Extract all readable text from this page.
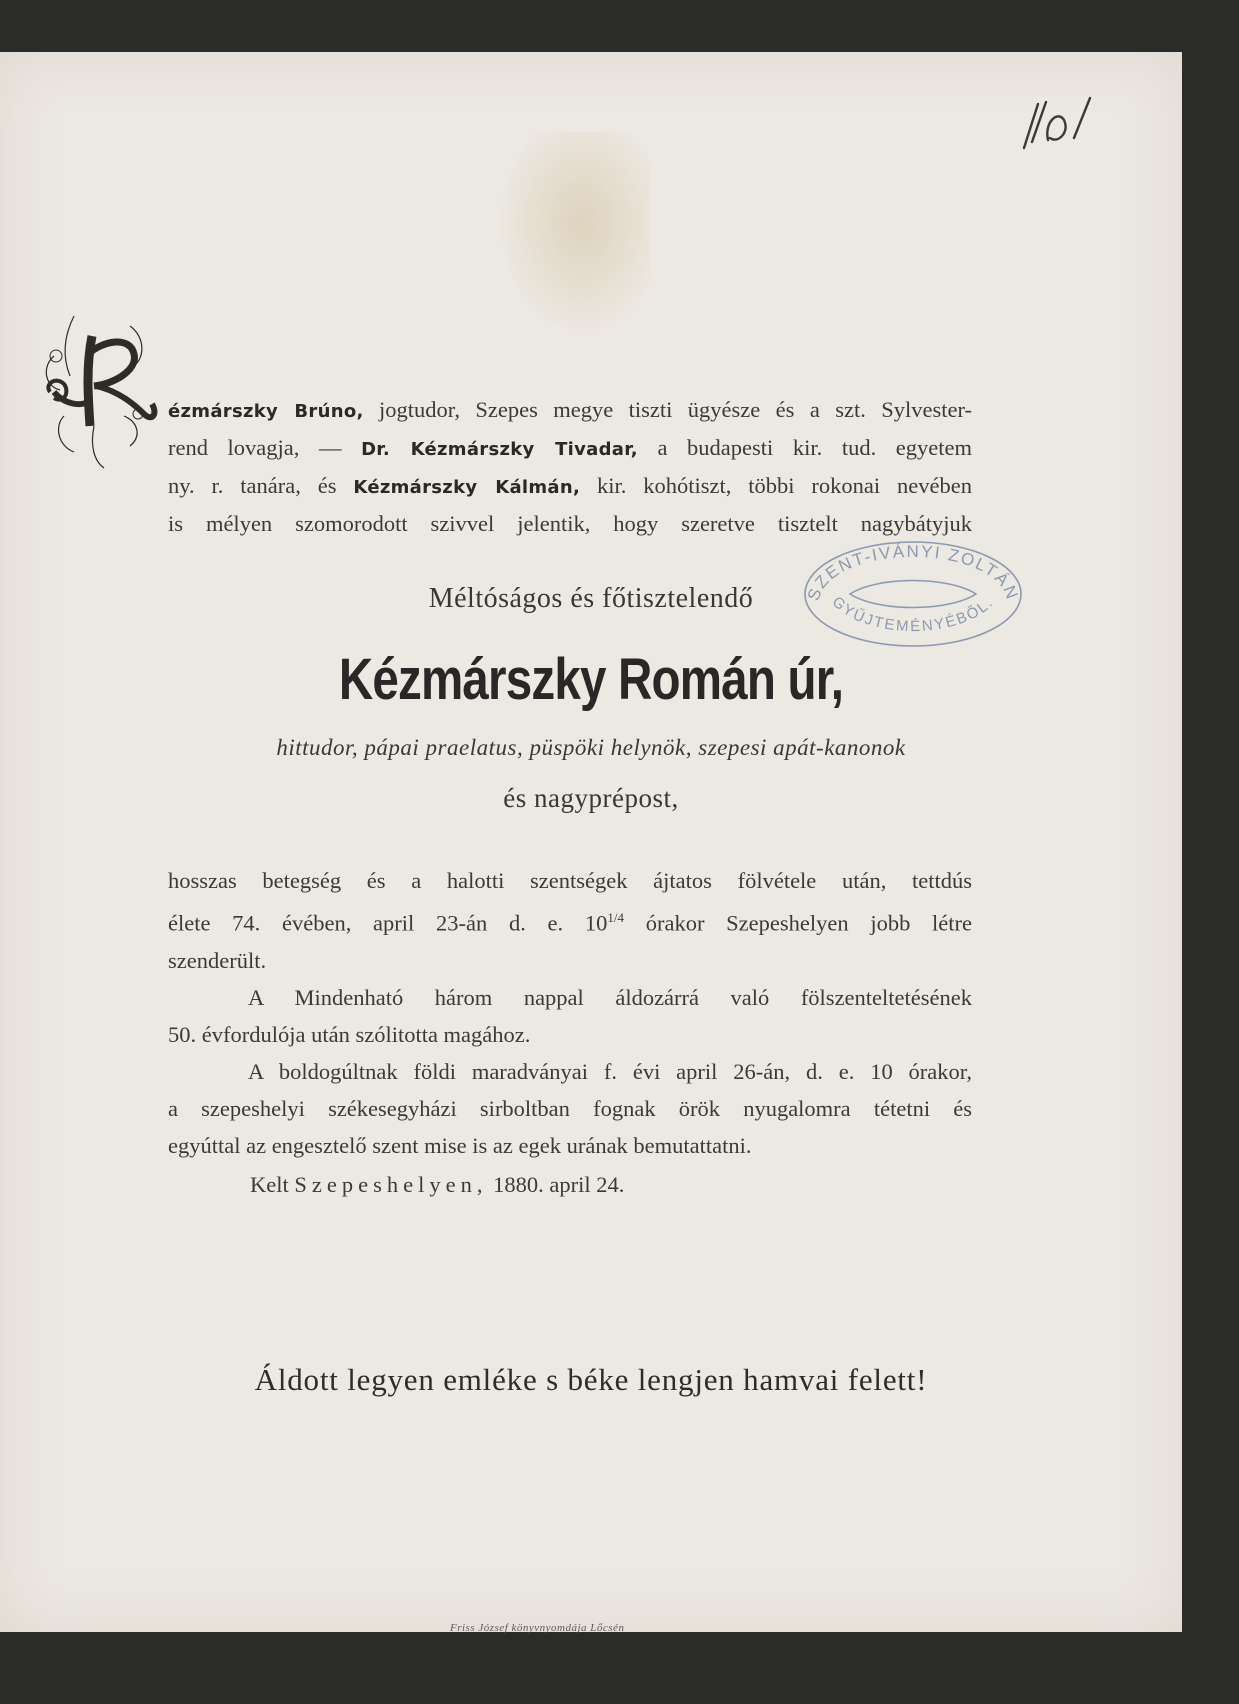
ézmárszky Brúno, jogtudor, Szepes megye tiszti ügyésze és a szt. Sylvester-
rend lovagja, — Dr. Kézmárszky Tivadar, a budapesti kir. tud. egyetem
ny. r. tanára, és Kézmárszky Kálmán, kir. kohótiszt, többi rokonai nevében
is mélyen szomorodott szivvel jelentik, hogy szeretve tisztelt nagybátyjuk
Méltóságos és főtisztelendő	SZENT-IVÁNYI ZOLTÁN
GYŰJTEMÉNYÉBŐL.
Kézmárszky Román úr,
hittudor, pápai praelatus, püspöki helynök, szepesi apát-kanonok
és nagyprépost,
hosszas betegség és a halotti szentségek ájtatos fölvétele után, tettdús
élete 74. évében, april 23-án d. e. $10^{1/4}$ órakor Szepeshelyen jobb létre
szenderült.
A Mindenható három nappal áldozárrá való fölszenteltetésének
50. évfordulója után szólitotta magához.
A boldogúltnak földi maradványai f. évi april 26-án, d. e. 10 órakor,
a szepeshelyi székesegyházi sirboltban fognak örök nyugalomra tétetni és
egyúttal az engesztelő szent mise is az egek urának bemutattatni.
Kelt Szepeshelyen, 1880. april 24.
Áldott legyen emléke s béke lengjen hamvai felett!
Friss József könyvnyomdája Lőcsén
